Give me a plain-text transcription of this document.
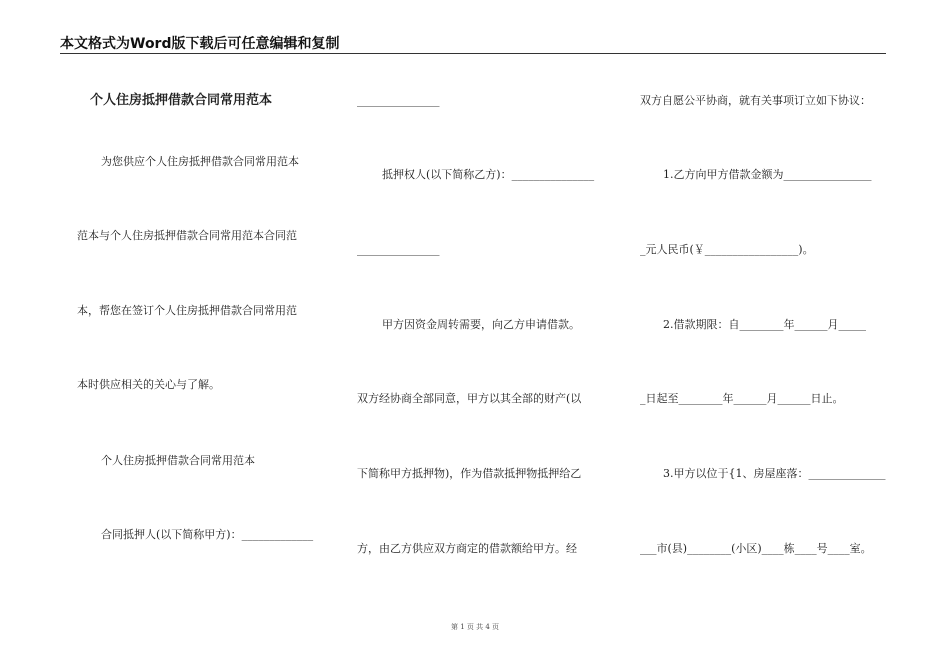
本文格式为Word版下载后可任意编辑和复制
个人住房抵押借款合同常用范本
为您供应个人住房抵押借款合同常用范本
范本与个人住房抵押借款合同常用范本合同范
本，帮您在签订个人住房抵押借款合同常用范
本时供应相关的关心与了解。
个人住房抵押借款合同常用范本
合同抵押人(以下简称甲方)：_____________
_______________
抵押权人(以下简称乙方)：_______________
_______________
甲方因资金周转需要，向乙方申请借款。
双方经协商全部同意，甲方以其全部的财产(以
下简称甲方抵押物)，作为借款抵押物抵押给乙
方，由乙方供应双方商定的借款额给甲方。经
双方自愿公平协商，就有关事项订立如下协议：
1.乙方向甲方借款金额为________________
_元人民币(￥_________________)。
2.借款期限：自________年______月_____
_日起至________年______月______日止。
3.甲方以位于{1、房屋座落：______________
___市(县)________(小区)____栋____号____室。
第 1 页 共 4 页
